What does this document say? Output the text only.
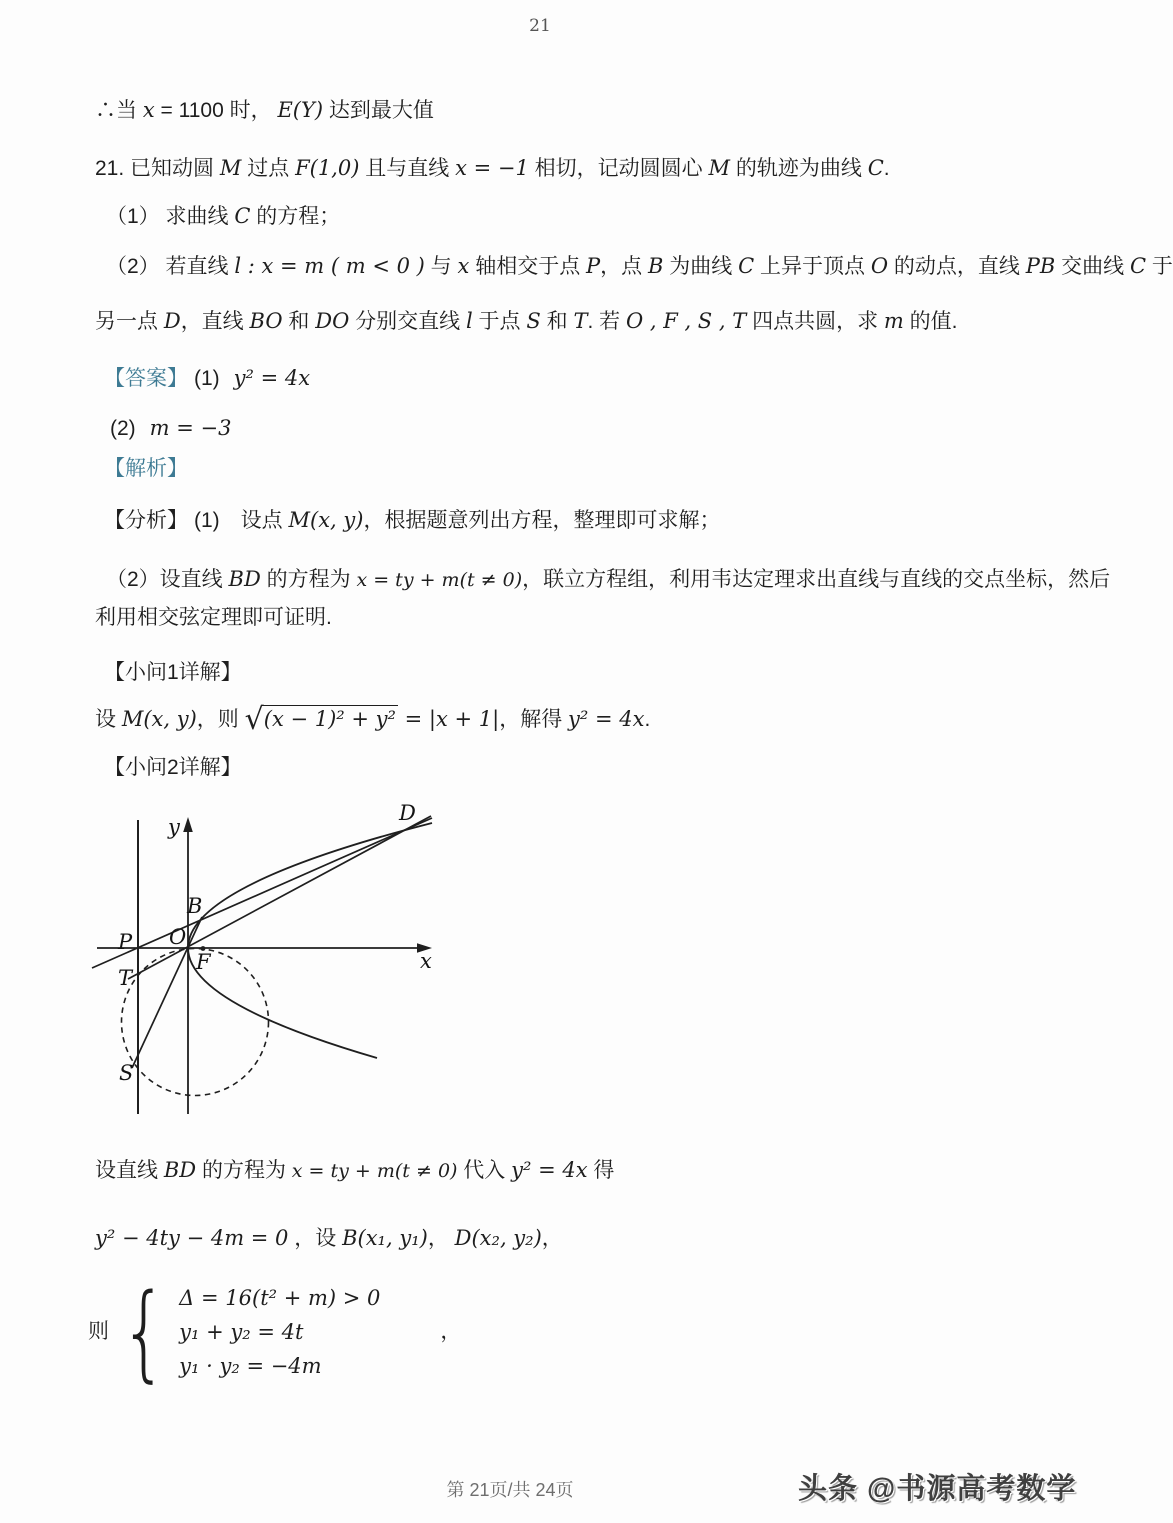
21
∴当 x = 1100 时， E(Y) 达到最大值
21. 已知动圆 M 过点 F(1,0) 且与直线 x = −1 相切，记动圆圆心 M 的轨迹为曲线 C.
（1） 求曲线 C 的方程；
（2） 若直线 l : x = m ( m < 0 ) 与 x 轴相交于点 P，点 B 为曲线 C 上异于顶点 O 的动点，直线 PB 交曲线 C 于
另一点 D，直线 BO 和 DO 分别交直线 l 于点 S 和 T. 若 O , F , S , T 四点共圆，求 m 的值.
【答案】 (1) y² = 4x
(2) m = −3
【解析】
【分析】 (1)　设点 M(x, y)，根据题意列出方程，整理即可求解；
（2）设直线 BD 的方程为 x = ty + m(t ≠ 0)，联立方程组，利用韦达定理求出直线与直线的交点坐标，然后
利用相交弦定理即可证明.
【小问1详解】
设 M(x, y)，则 √(x − 1)² + y² = |x + 1|，解得 y² = 4x.
【小问2详解】
y
x
P O
B
D
T
S
F
设直线 BD 的方程为 x = ty + m(t ≠ 0) 代入 y² = 4x 得
y² − 4ty − 4m = 0 ，设 B(x₁, y₁)， D(x₂, y₂)，
则 { Δ = 16(t² + m) > 0
y₁ + y₂ = 4t
y₁ · y₂ = −4m
，
第 21页/共 24页	头条 @书源高考数学
